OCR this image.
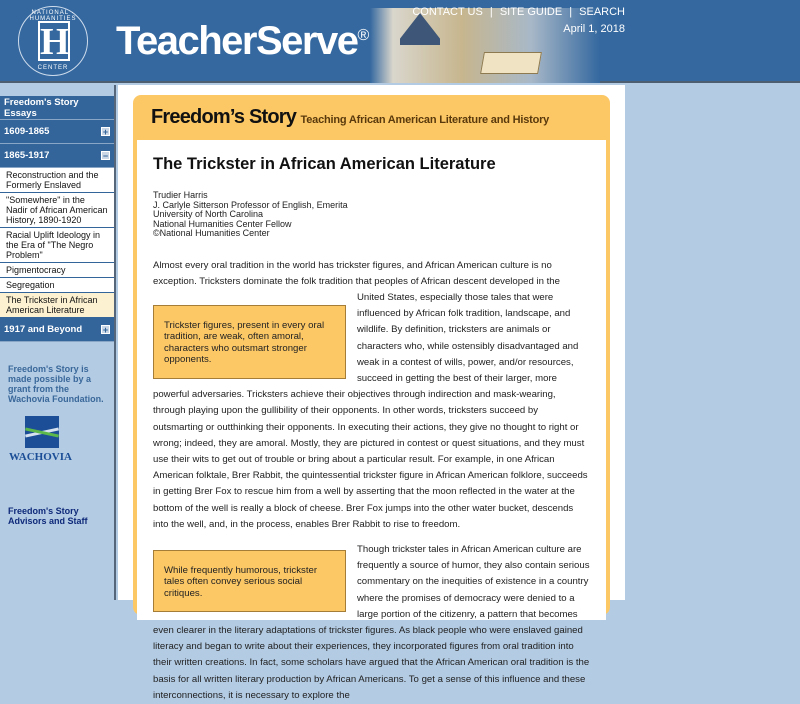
NATIONAL · HUMANITIES
H
CENTER
TeacherServe®
CONTACT US | SITE GUIDE | SEARCH
April 1, 2018
Freedom's Story Essays
1609-1865	+
1865-1917	−
Reconstruction and the Formerly Enslaved
"Somewhere" in the Nadir of African American History, 1890-1920
Racial Uplift Ideology in the Era of "The Negro Problem"
Pigmentocracy
Segregation
The Trickster in African American Literature
1917 and Beyond +
Freedom's Story is made possible by a grant from the Wachovia Foundation.
WACHOVIA
Freedom's Story Advisors and Staff
Freedom’s Story Teaching African American Literature and History
The Trickster in African American Literature
Trudier Harris
J. Carlyle Sitterson Professor of English, Emerita
University of North Carolina
National Humanities Center Fellow
©National Humanities Center

Almost every oral tradition in the world has trickster figures, and African American culture is no exception. Tricksters dominate the folk tradition that peoples of African descent developed in the United States,
Trickster figures, present in every oral tradition, are weak, often amoral, characters who outsmart stronger opponents.
especially those tales that were influenced by African folk tradition, landscape, and wildlife. By definition, tricksters are animals or characters who, while ostensibly disadvantaged and weak in a contest of wills, power, and/or resources, succeed in getting the best of their larger, more powerful adversaries. Tricksters achieve their objectives through indirection and mask-wearing, through playing upon the gullibility of their opponents. In other words, tricksters succeed by outsmarting or outthinking their opponents. In executing their actions, they give no thought to right or wrong; indeed, they are amoral. Mostly, they are pictured in contest or quest situations, and they must use their wits to get out of trouble or bring about a particular result. For example, in one African American folktale, Brer Rabbit, the quintessential trickster figure in African American folklore, succeeds in getting Brer Fox to rescue him from a well by asserting that the moon reflected in the water at the bottom of the well is really a block of cheese. Brer Fox jumps into the other water bucket, descends into the well, and, in the process, enables Brer Rabbit to rise to freedom.

While frequently humorous, trickster tales often convey serious social critiques.
Though trickster tales in African American culture are frequently a source of humor, they also contain serious commentary on the inequities of existence in a country where the promises of democracy were denied to a large portion of the citizenry, a pattern that becomes even clearer in the literary adaptations of trickster figures. As black people who were enslaved gained literacy and began to write about their experiences, they incorporated figures from oral tradition into their written creations. In fact, some scholars have argued that the African American oral tradition is the basis for all written literary production by African Americans. To get a sense of this influence and these interconnections, it is necessary to explore the
